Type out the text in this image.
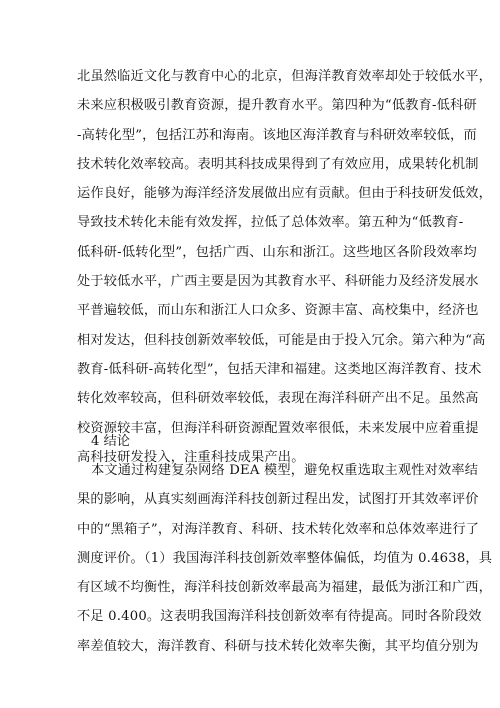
北虽然临近文化与教育中心的北京，但海洋教育效率却处于较低水平，
未来应积极吸引教育资源，提升教育水平。第四种为“低教育-低科研
-高转化型”，包括江苏和海南。该地区海洋教育与科研效率较低，而
技术转化效率较高。表明其科技成果得到了有效应用，成果转化机制
运作良好，能够为海洋经济发展做出应有贡献。但由于科技研发低效，
导致技术转化未能有效发挥，拉低了总体效率。第五种为“低教育-
低科研-低转化型”，包括广西、山东和浙江。这些地区各阶段效率均
处于较低水平，广西主要是因为其教育水平、科研能力及经济发展水
平普遍较低，而山东和浙江人口众多、资源丰富、高校集中，经济也
相对发达，但科技创新效率较低，可能是由于投入冗余。第六种为“高
教育-低科研-高转化型”，包括天津和福建。这类地区海洋教育、技术
转化效率较高，但科研效率较低，表现在海洋科研产出不足。虽然高
校资源较丰富，但海洋科研资源配置效率很低，未来发展中应着重提
高科技研发投入，注重科技成果产出。
4 结论
本文通过构建复杂网络 DEA 模型，避免权重选取主观性对效率结
果的影响，从真实刻画海洋科技创新过程出发，试图打开其效率评价
中的“黑箱子”，对海洋教育、科研、技术转化效率和总体效率进行了
测度评价。（1）我国海洋科技创新效率整体偏低，均值为 0.4638，具
有区域不均衡性，海洋科技创新效率最高为福建，最低为浙江和广西，
不足 0.400。这表明我国海洋科技创新效率有待提高。同时各阶段效
率差值较大，海洋教育、科研与技术转化效率失衡，其平均值分别为
